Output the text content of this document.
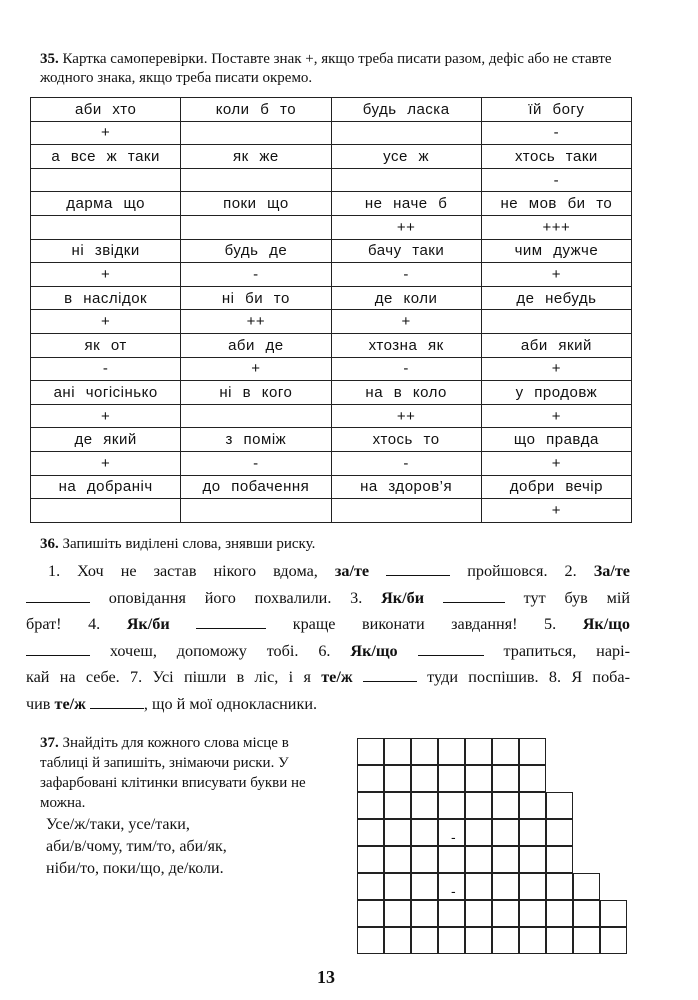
35. Картка самоперевірки. Поставте знак +, якщо треба писати разом, дефіс або не ставте жодного знака, якщо треба писати окремо.
аби хто	коли б то	будь ласка	їй богу
+			-
а все ж таки	як же	усе ж	хтось таки
			-
дарма що	поки що	не наче б	не мов би то
		++	+++
ні звідки	будь де	бачу таки	чим дужче
+	-	-	+
в наслідок	ні би то	де коли	де небудь
+	++	+	
як от	аби де	хтозна як	аби який
-	+	-	+
ані чогісінько	ні в кого	на в коло	у продовж
+		++	+
де який	з поміж	хтось то	що правда
+	-	-	+
на добраніч	до побачення	на здоров’я	добри вечір
			+
36. Запишіть виділені слова, знявши риску.
1. Хоч не застав нікого вдома, за/те	пройшовся. 2. За/те
оповідання його похвалили. 3. Як/би	тут був мій
брат! 4. Як/би	краще виконати завдання! 5. Як/що
хочеш, допоможу тобі. 6. Як/що	трапиться, нарі-
кай на себе. 7. Усі пішли в ліс, і я те/ж	туди поспішив. 8. Я поба-
чив те/ж	, що й мої однокласники.
37. Знайдіть для кожного слова місце в таблиці й запишіть, знімаючи риски. У зафарбовані клітинки вписувати букви не можна.
Усе/ж/таки, усе/таки,
аби/в/чому, тим/то, аби/як,
ніби/то, поки/що, де/коли.
-
-
13
